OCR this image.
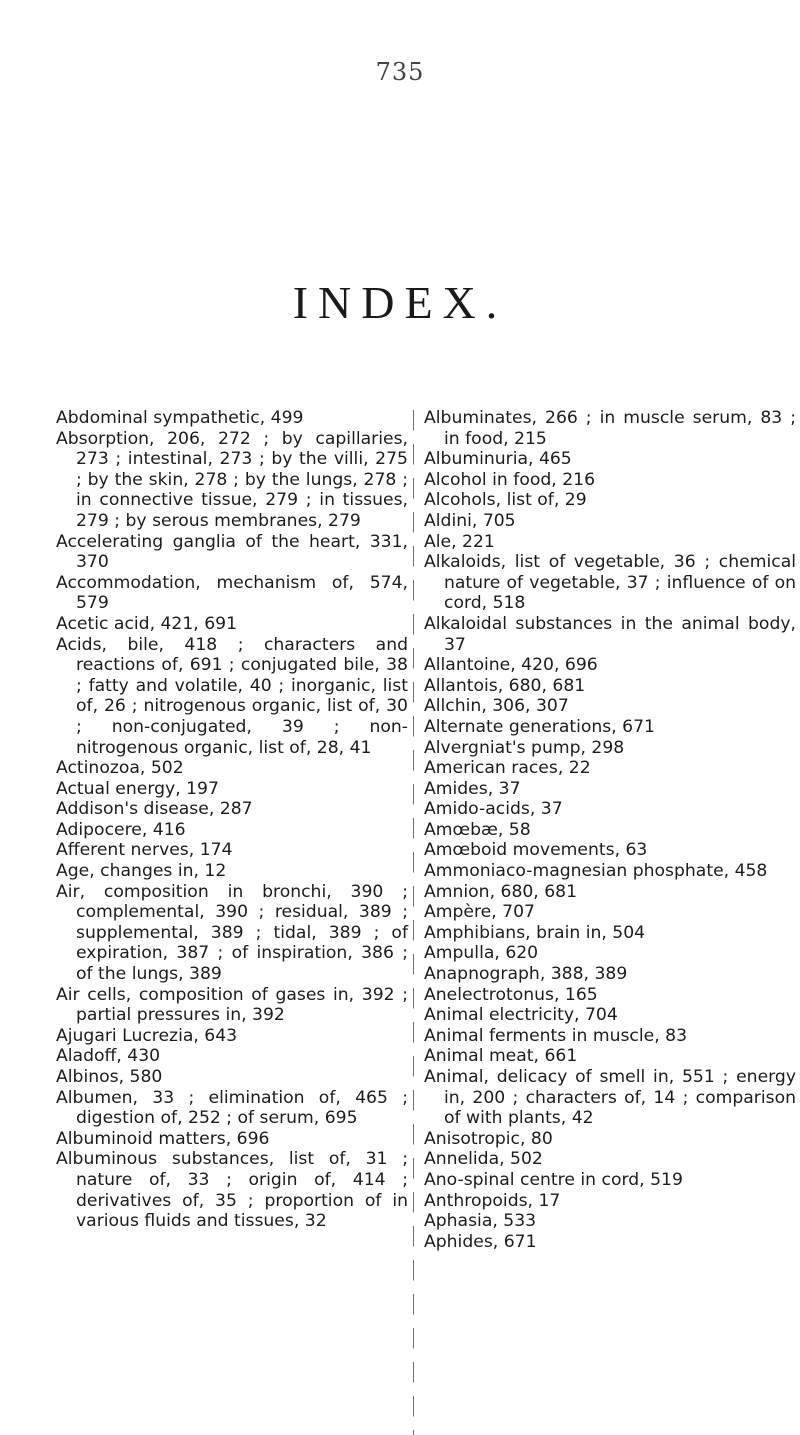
735
INDEX.

Abdominal sympathetic, 499

Absorption, 206, 272 ; by capillaries, 273 ; intestinal, 273 ; by the villi, 275 ; by the skin, 278 ; by the lungs, 278 ; in connective tissue, 279 ; in tissues, 279 ; by serous membranes, 279

Accelerating ganglia of the heart, 331, 370

Accommodation, mechanism of, 574, 579

Acetic acid, 421, 691

Acids, bile, 418 ; characters and reactions of, 691 ; conjugated bile, 38 ; fatty and volatile, 40 ; inorganic, list of, 26 ; nitrogenous organic, list of, 30 ; non-conjugated, 39 ; non-nitrogenous organic, list of, 28, 41

Actinozoa, 502

Actual energy, 197

Addison's disease, 287

Adipocere, 416

Afferent nerves, 174

Age, changes in, 12

Air, composition in bronchi, 390 ; complemental, 390 ; residual, 389 ; supplemental, 389 ; tidal, 389 ; of expiration, 387 ; of inspiration, 386 ; of the lungs, 389

Air cells, composition of gases in, 392 ; partial pressures in, 392

Ajugari Lucrezia, 643

Aladoff, 430

Albinos, 580

Albumen, 33 ; elimination of, 465 ; digestion of, 252 ; of serum, 695

Albuminoid matters, 696

Albuminous substances, list of, 31 ; nature of, 33 ; origin of, 414 ; derivatives of, 35 ; proportion of in various fluids and tissues, 32

Albuminates, 266 ; in muscle serum, 83 ; in food, 215

Albuminuria, 465

Alcohol in food, 216

Alcohols, list of, 29

Aldini, 705

Ale, 221

Alkaloids, list of vegetable, 36 ; chemical nature of vegetable, 37 ; influence of on cord, 518

Alkaloidal substances in the animal body, 37

Allantoine, 420, 696

Allantois, 680, 681

Allchin, 306, 307

Alternate generations, 671

Alvergniat's pump, 298

American races, 22

Amides, 37

Amido-acids, 37

Amœbæ, 58

Amœboid movements, 63

Ammoniaco-magnesian phosphate, 458

Amnion, 680, 681

Ampère, 707

Amphibians, brain in, 504

Ampulla, 620

Anapnograph, 388, 389

Anelectrotonus, 165

Animal electricity, 704

Animal ferments in muscle, 83

Animal meat, 661

Animal, delicacy of smell in, 551 ; energy in, 200 ; characters of, 14 ; comparison of with plants, 42

Anisotropic, 80

Annelida, 502

Ano-spinal centre in cord, 519

Anthropoids, 17

Aphasia, 533

Aphides, 671
